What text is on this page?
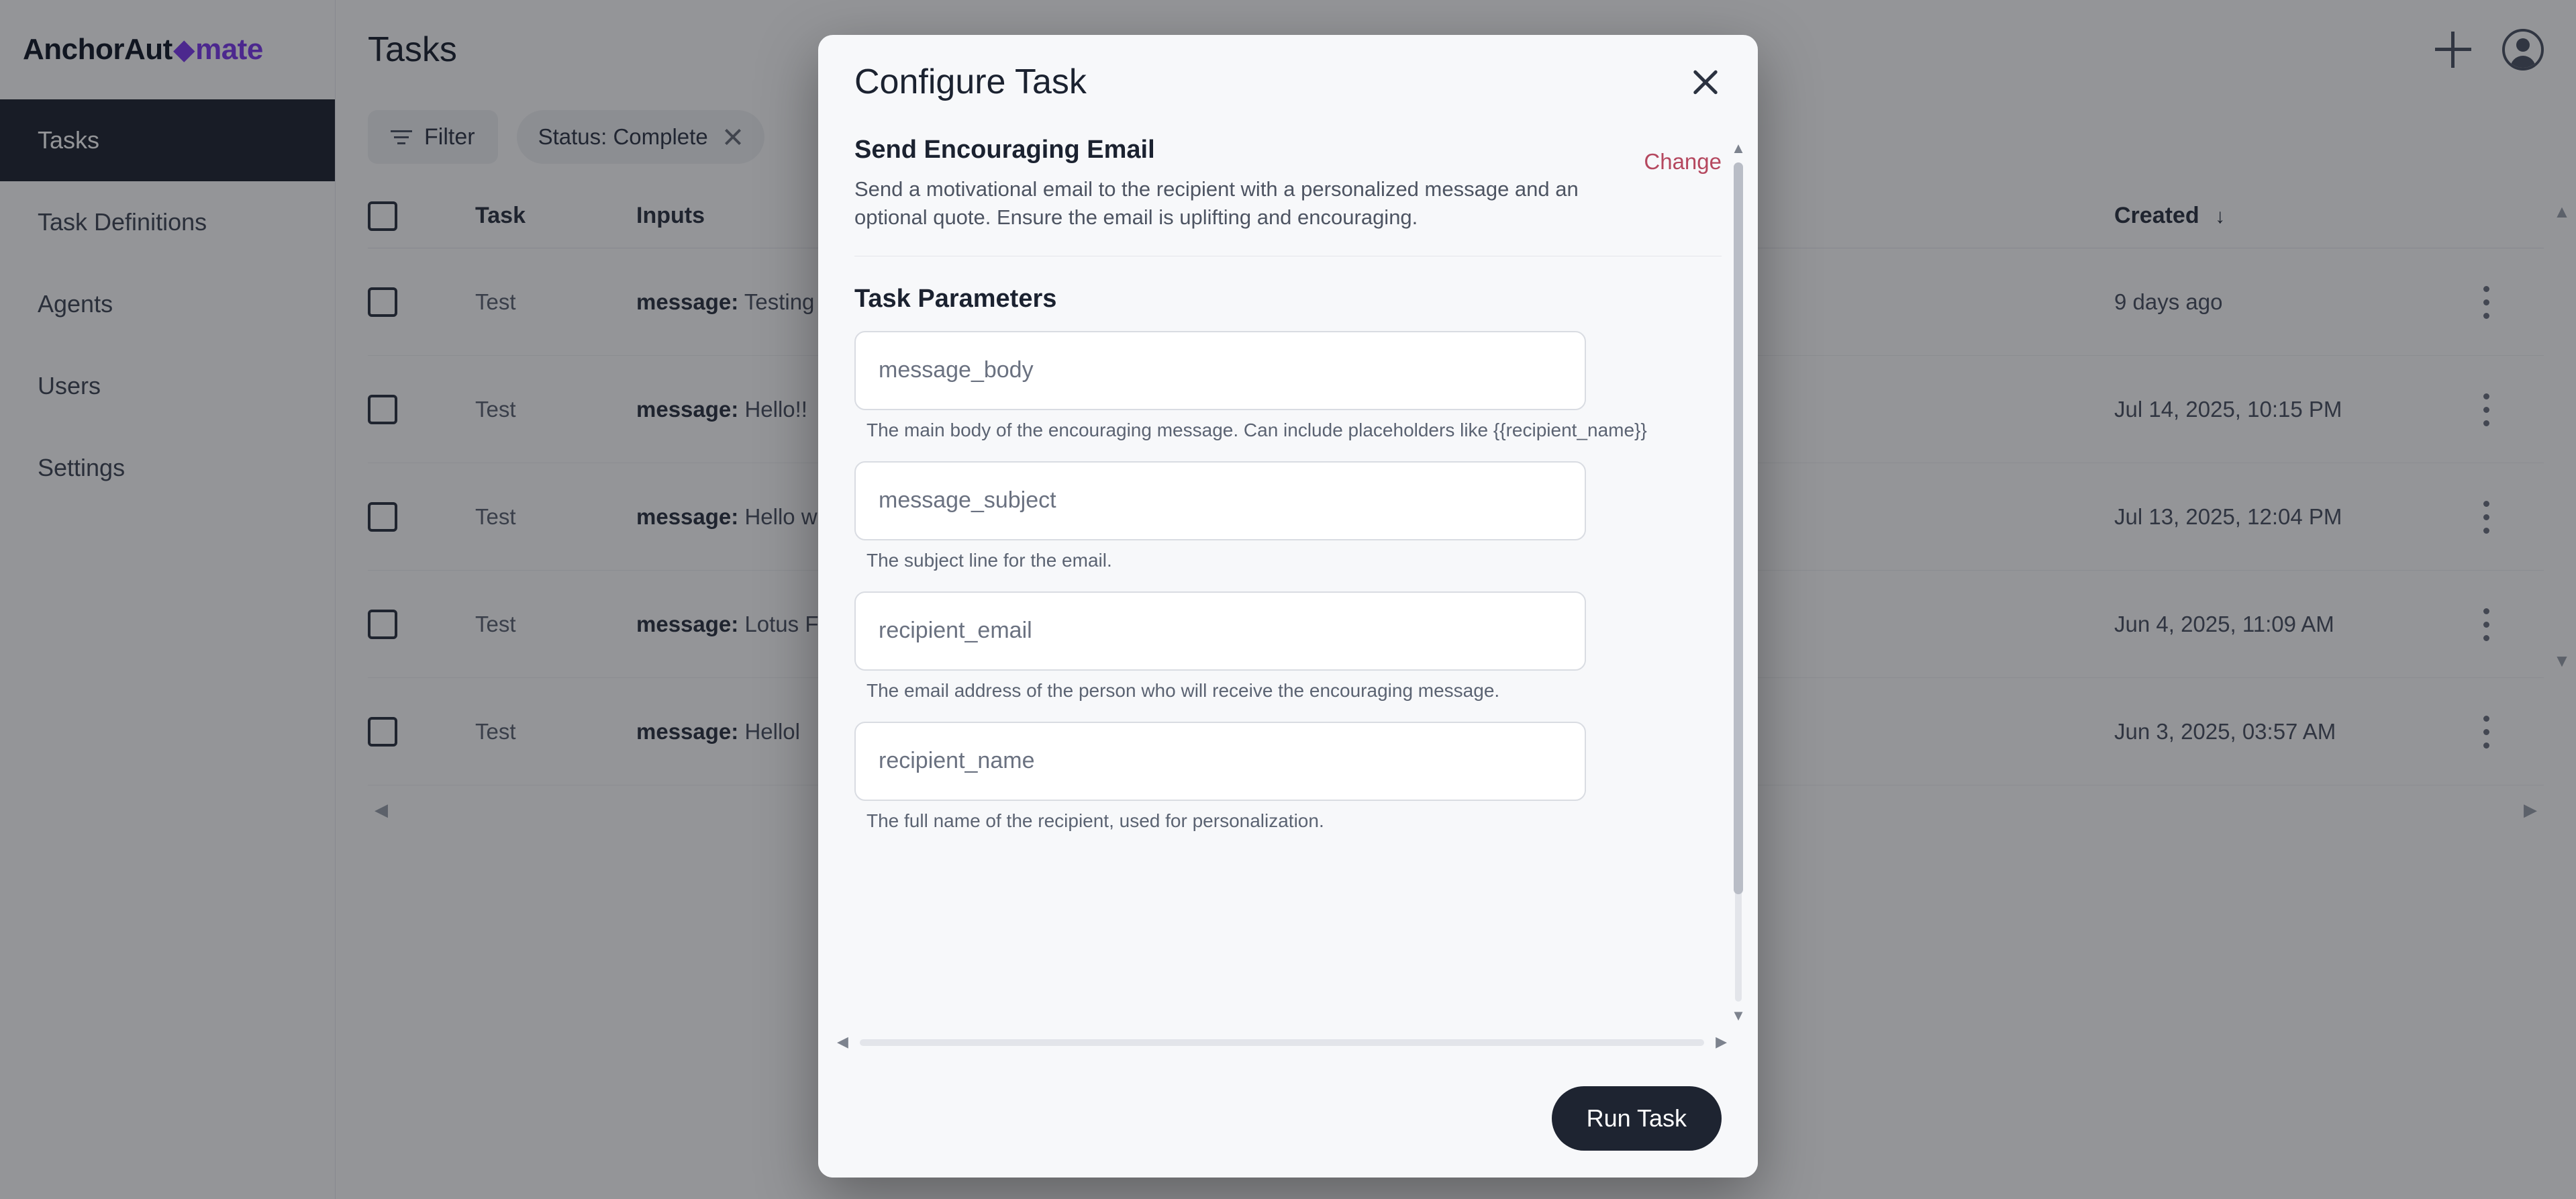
Anchor Aut ◆ mate
Tasks
Task Definitions
Agents
Users
Settings
Tasks
Filter	Status: Complete
Task	Inputs	Created ↓
Test	message: Testing	9 days ago
Test	message: Hello!!	Jul 14, 2025, 10:15 PM
Test	message: Hello w	Jul 13, 2025, 12:04 PM
Test	message: Lotus F	Jun 4, 2025, 11:09 AM
Test	message: Hellol	Jun 3, 2025, 03:57 AM
◀	▶
▲
▼
Configure Task
Send Encouraging Email
Send a motivational email to the recipient with a personalized message and an optional quote. Ensure the email is uplifting and encouraging.
Change
Task Parameters
message_body
The main body of the encouraging message. Can include placeholders like {{recipient_name}}
message_subject
The subject line for the email.
recipient_email
The email address of the person who will receive the encouraging message.
recipient_name
The full name of the recipient, used for personalization.
▲
▼
◀	▶
Run Task
